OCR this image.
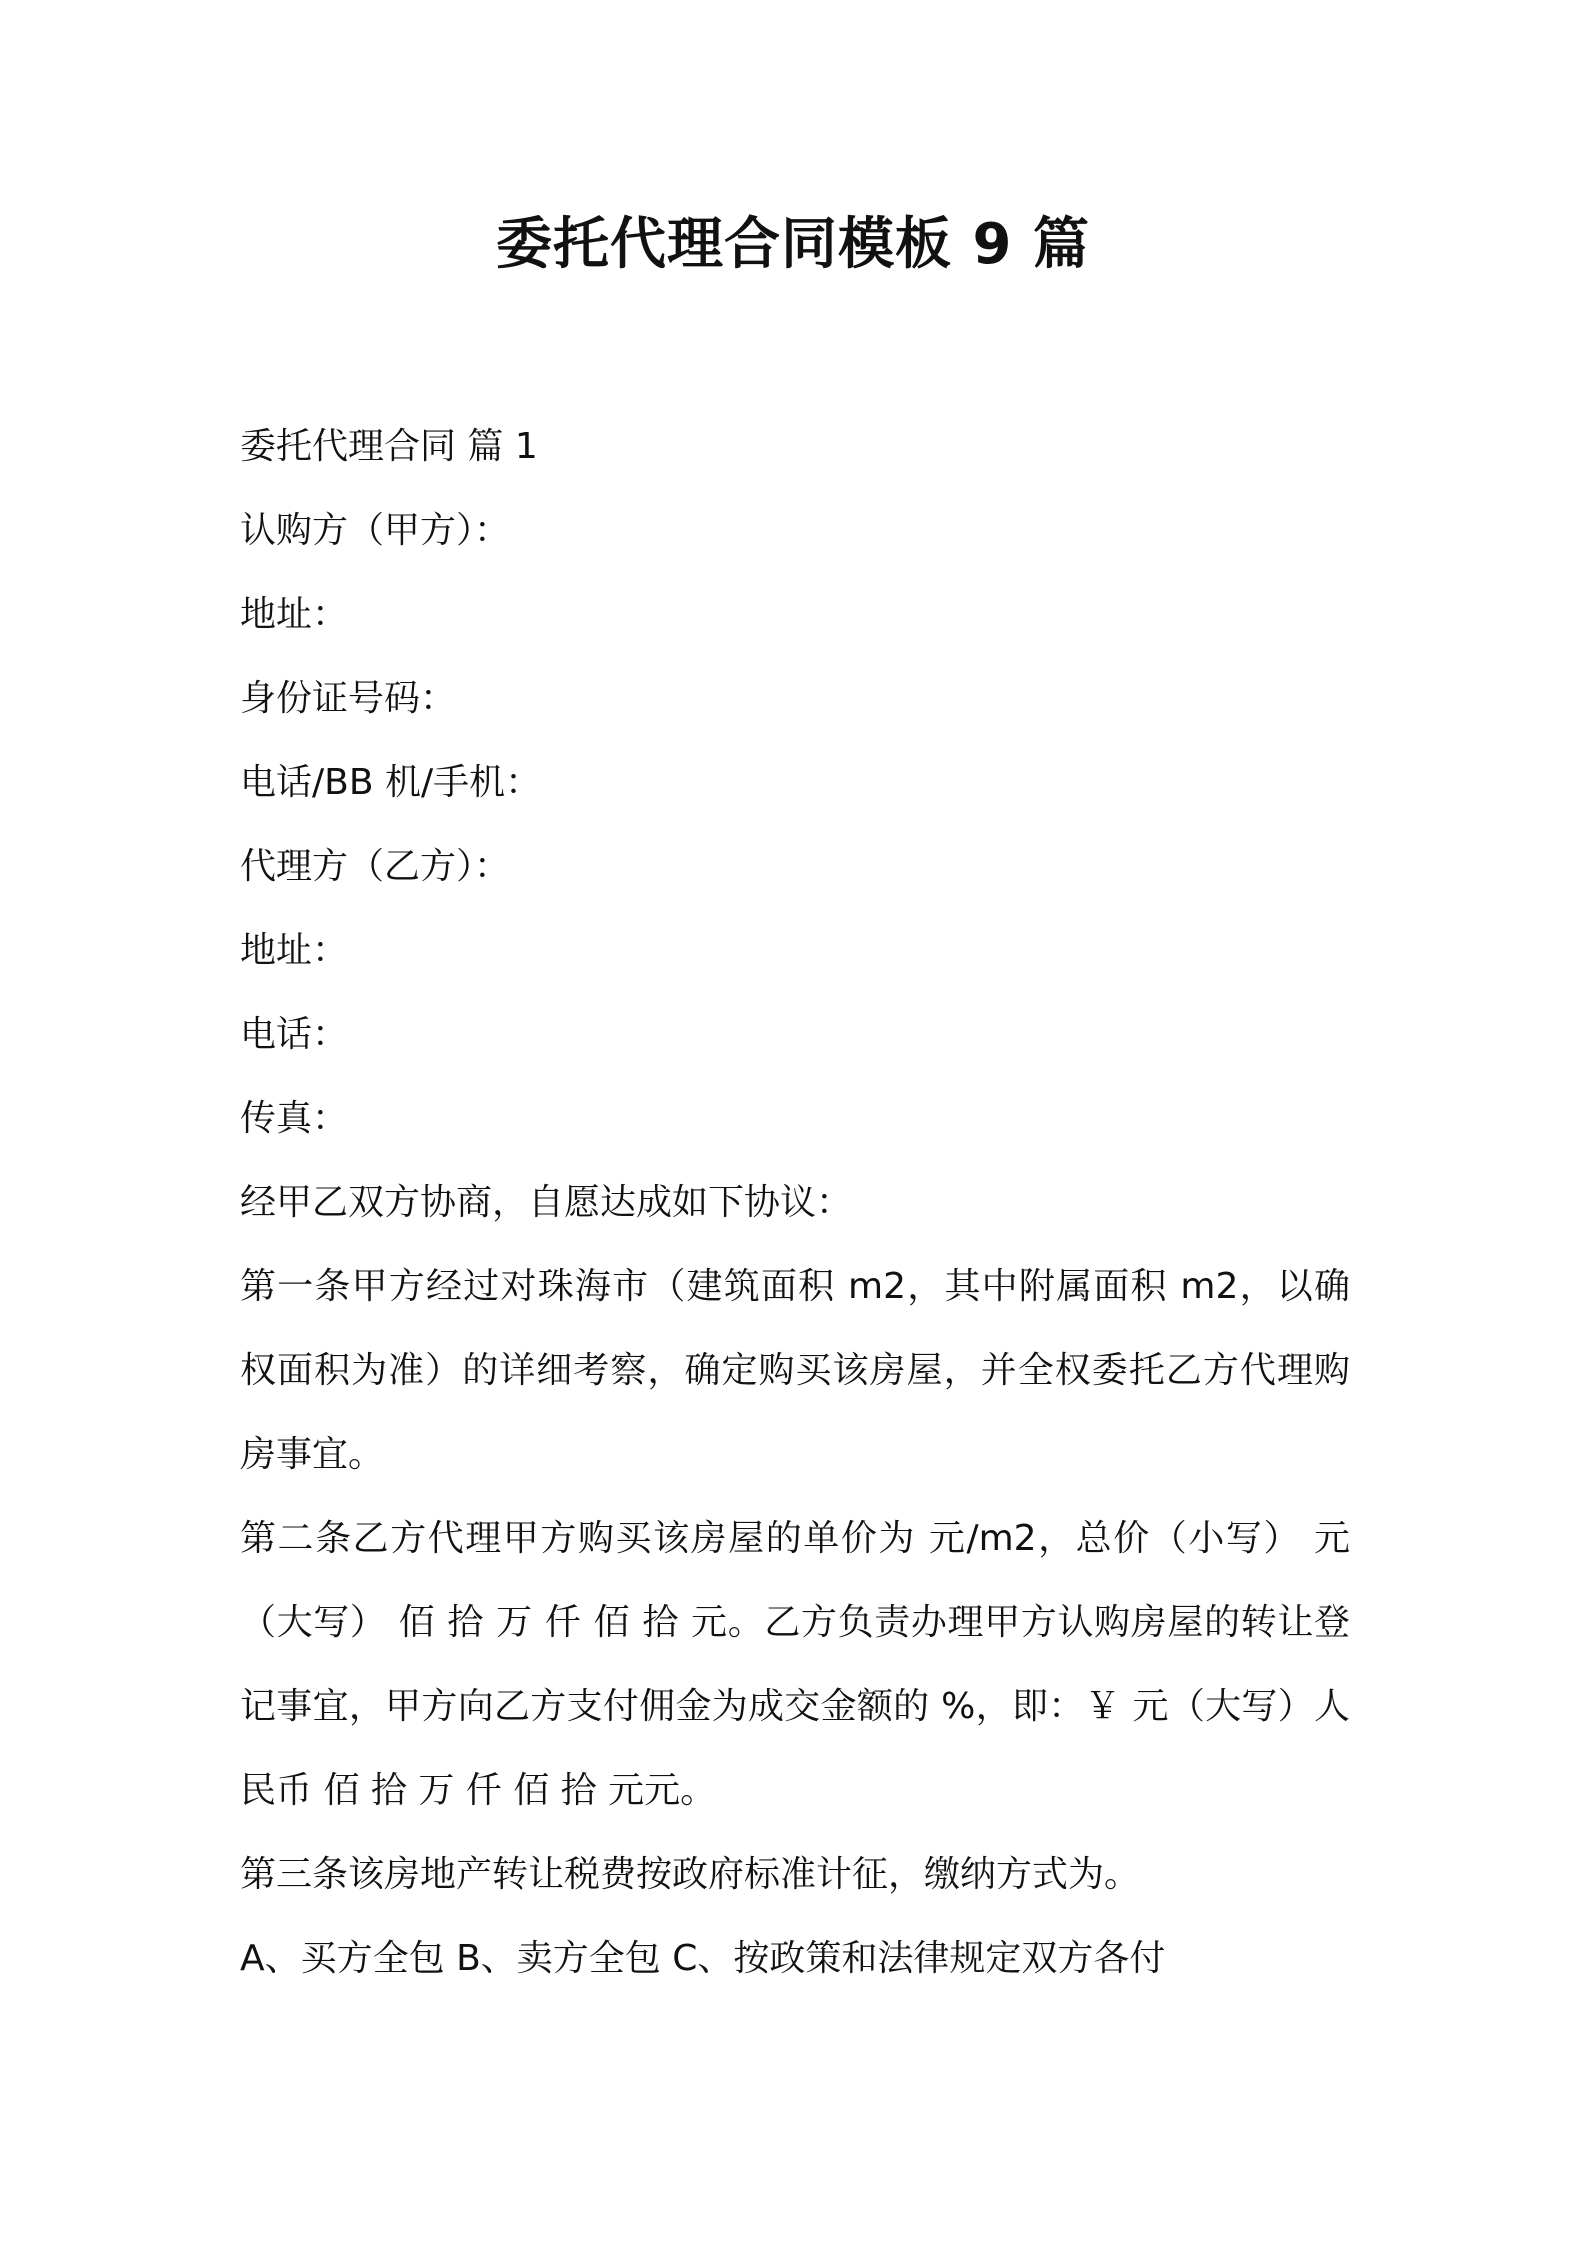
委托代理合同模板 9 篇

委托代理合同 篇 1

认购方（甲方）：

地址：

身份证号码：

电话/BB 机/手机：

代理方（乙方）：

地址：

电话：

传真：

经甲乙双方协商，自愿达成如下协议：

第一条甲方经过对珠海市（建筑面积 m2，其中附属面积 m2，以确权面积为准）的详细考察，确定购买该房屋，并全权委托乙方代理购房事宜。

第二条乙方代理甲方购买该房屋的单价为 元/m2，总价（小写） 元（大写） 佰 拾 万 仟 佰 拾 元。乙方负责办理甲方认购房屋的转让登记事宜，甲方向乙方支付佣金为成交金额的 %，即：￥ 元（大写）人民币 佰 拾 万 仟 佰 拾 元元。

第三条该房地产转让税费按政府标准计征，缴纳方式为。

A、买方全包 B、卖方全包 C、按政策和法律规定双方各付
